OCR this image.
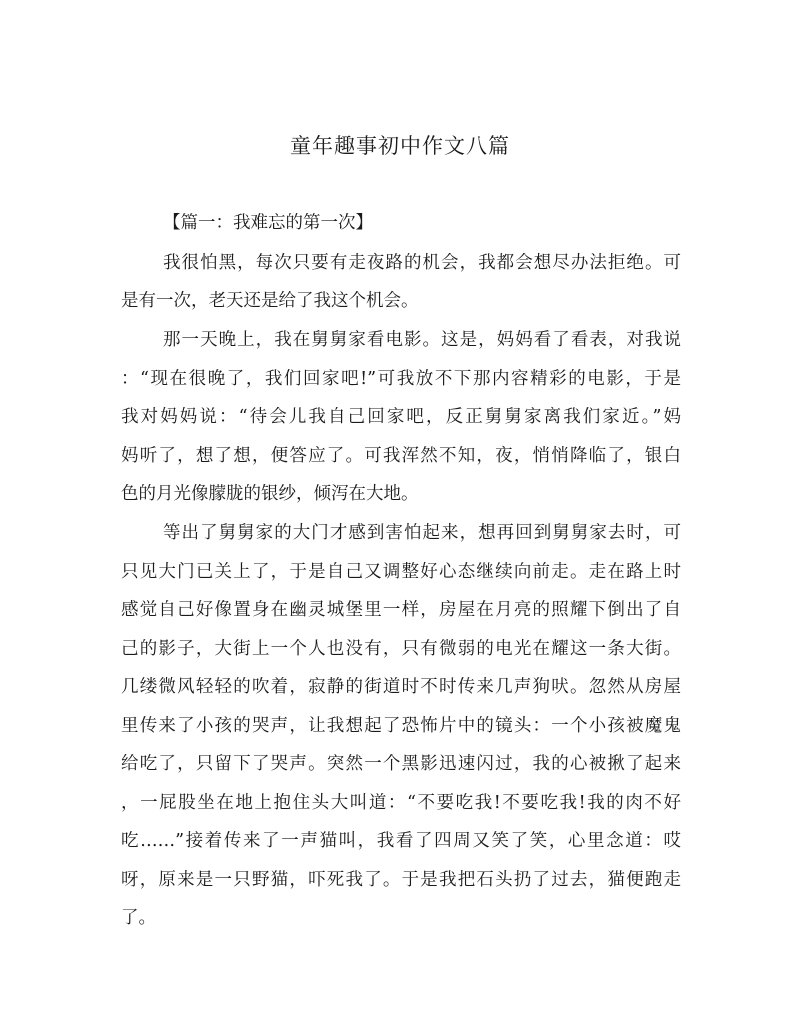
童年趣事初中作文八篇
【篇一：我难忘的第一次】
我很怕黑，每次只要有走夜路的机会，我都会想尽办法拒绝。可
是有一次，老天还是给了我这个机会。
那一天晚上，我在舅舅家看电影。这是，妈妈看了看表，对我说
：“现在很晚了，我们回家吧!”可我放不下那内容精彩的电影，于是
我对妈妈说：“待会儿我自己回家吧，反正舅舅家离我们家近。”妈
妈听了，想了想，便答应了。可我浑然不知，夜，悄悄降临了，银白
色的月光像朦胧的银纱，倾泻在大地。
等出了舅舅家的大门才感到害怕起来，想再回到舅舅家去时，可
只见大门已关上了，于是自己又调整好心态继续向前走。走在路上时
感觉自己好像置身在幽灵城堡里一样，房屋在月亮的照耀下倒出了自
己的影子，大街上一个人也没有，只有微弱的电光在耀这一条大街。
几缕微风轻轻的吹着，寂静的街道时不时传来几声狗吠。忽然从房屋
里传来了小孩的哭声，让我想起了恐怖片中的镜头：一个小孩被魔鬼
给吃了，只留下了哭声。突然一个黑影迅速闪过，我的心被揪了起来
，一屁股坐在地上抱住头大叫道：“不要吃我!不要吃我!我的肉不好
吃……”接着传来了一声猫叫，我看了四周又笑了笑，心里念道：哎
呀，原来是一只野猫，吓死我了。于是我把石头扔了过去，猫便跑走
了。
